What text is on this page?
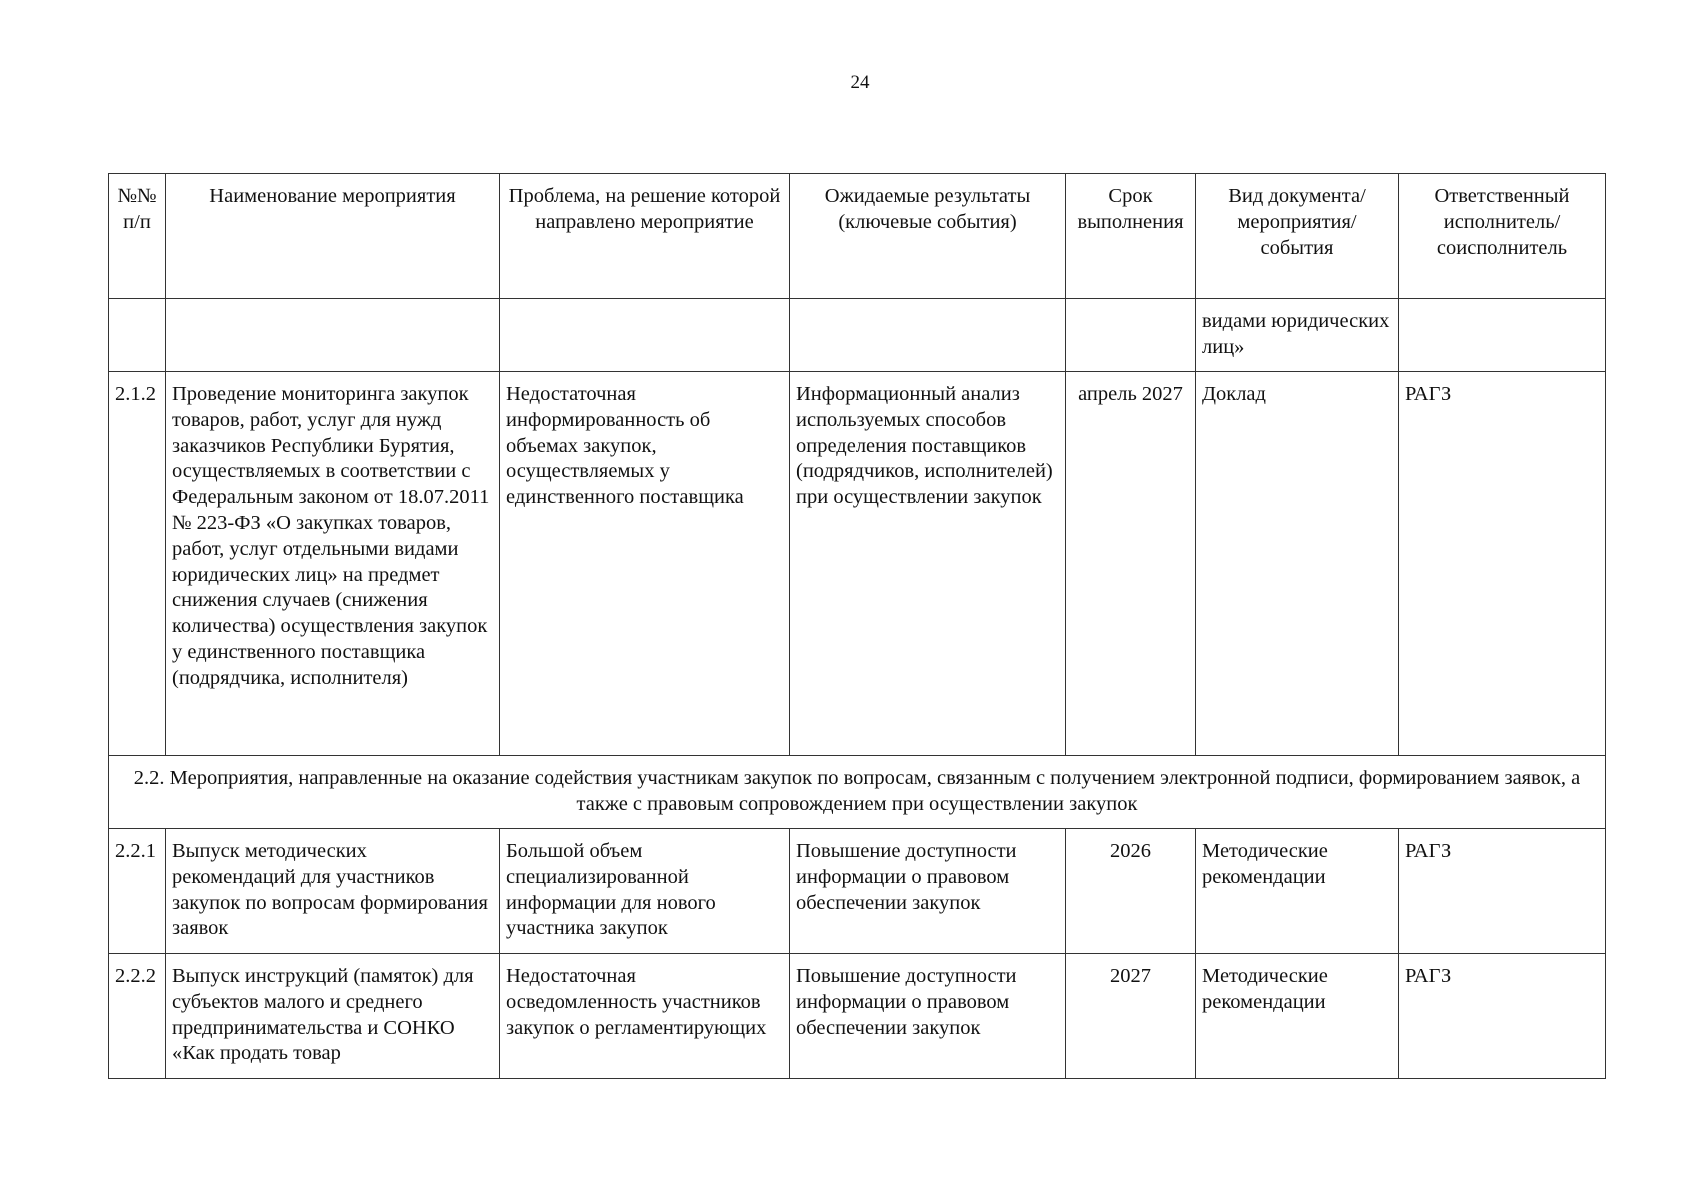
24
№№ п/п	Наименование мероприятия	Проблема, на решение которой направлено мероприятие	Ожидаемые результаты (ключевые события)	Срок выполнения	Вид документа/ мероприятия/ события	Ответственный исполнитель/ соисполнитель
					видами юридических лиц»	
2.1.2	Проведение мониторинга закупок товаров, работ, услуг для нужд заказчиков Республики Бурятия, осуществляемых в соответствии с Федеральным законом от 18.07.2011 № 223-ФЗ «О закупках товаров, работ, услуг отдельными видами юридических лиц» на предмет снижения случаев (снижения количества) осуществления закупок у единственного поставщика (подрядчика, исполнителя)	Недостаточная информированность об объемах закупок, осуществляемых у единственного поставщика	Информационный анализ используемых способов определения поставщиков (подрядчиков, исполнителей) при осуществлении закупок	апрель 2027	Доклад	РАГЗ
2.2. Мероприятия, направленные на оказание содействия участникам закупок по вопросам, связанным с получением электронной подписи, формированием заявок, а также с правовым сопровождением при осуществлении закупок						
2.2.1	Выпуск методических рекомендаций для участников закупок по вопросам формирования заявок	Большой объем специализированной информации для нового участника закупок	Повышение доступности информации о правовом обеспечении закупок	2026	Методические рекомендации	РАГЗ
2.2.2	Выпуск инструкций (памяток) для субъектов малого и среднего предпринимательства и СОНКО «Как продать товар	Недостаточная осведомленность участников закупок о регламентирующих	Повышение доступности информации о правовом обеспечении закупок	2027	Методические рекомендации	РАГЗ
